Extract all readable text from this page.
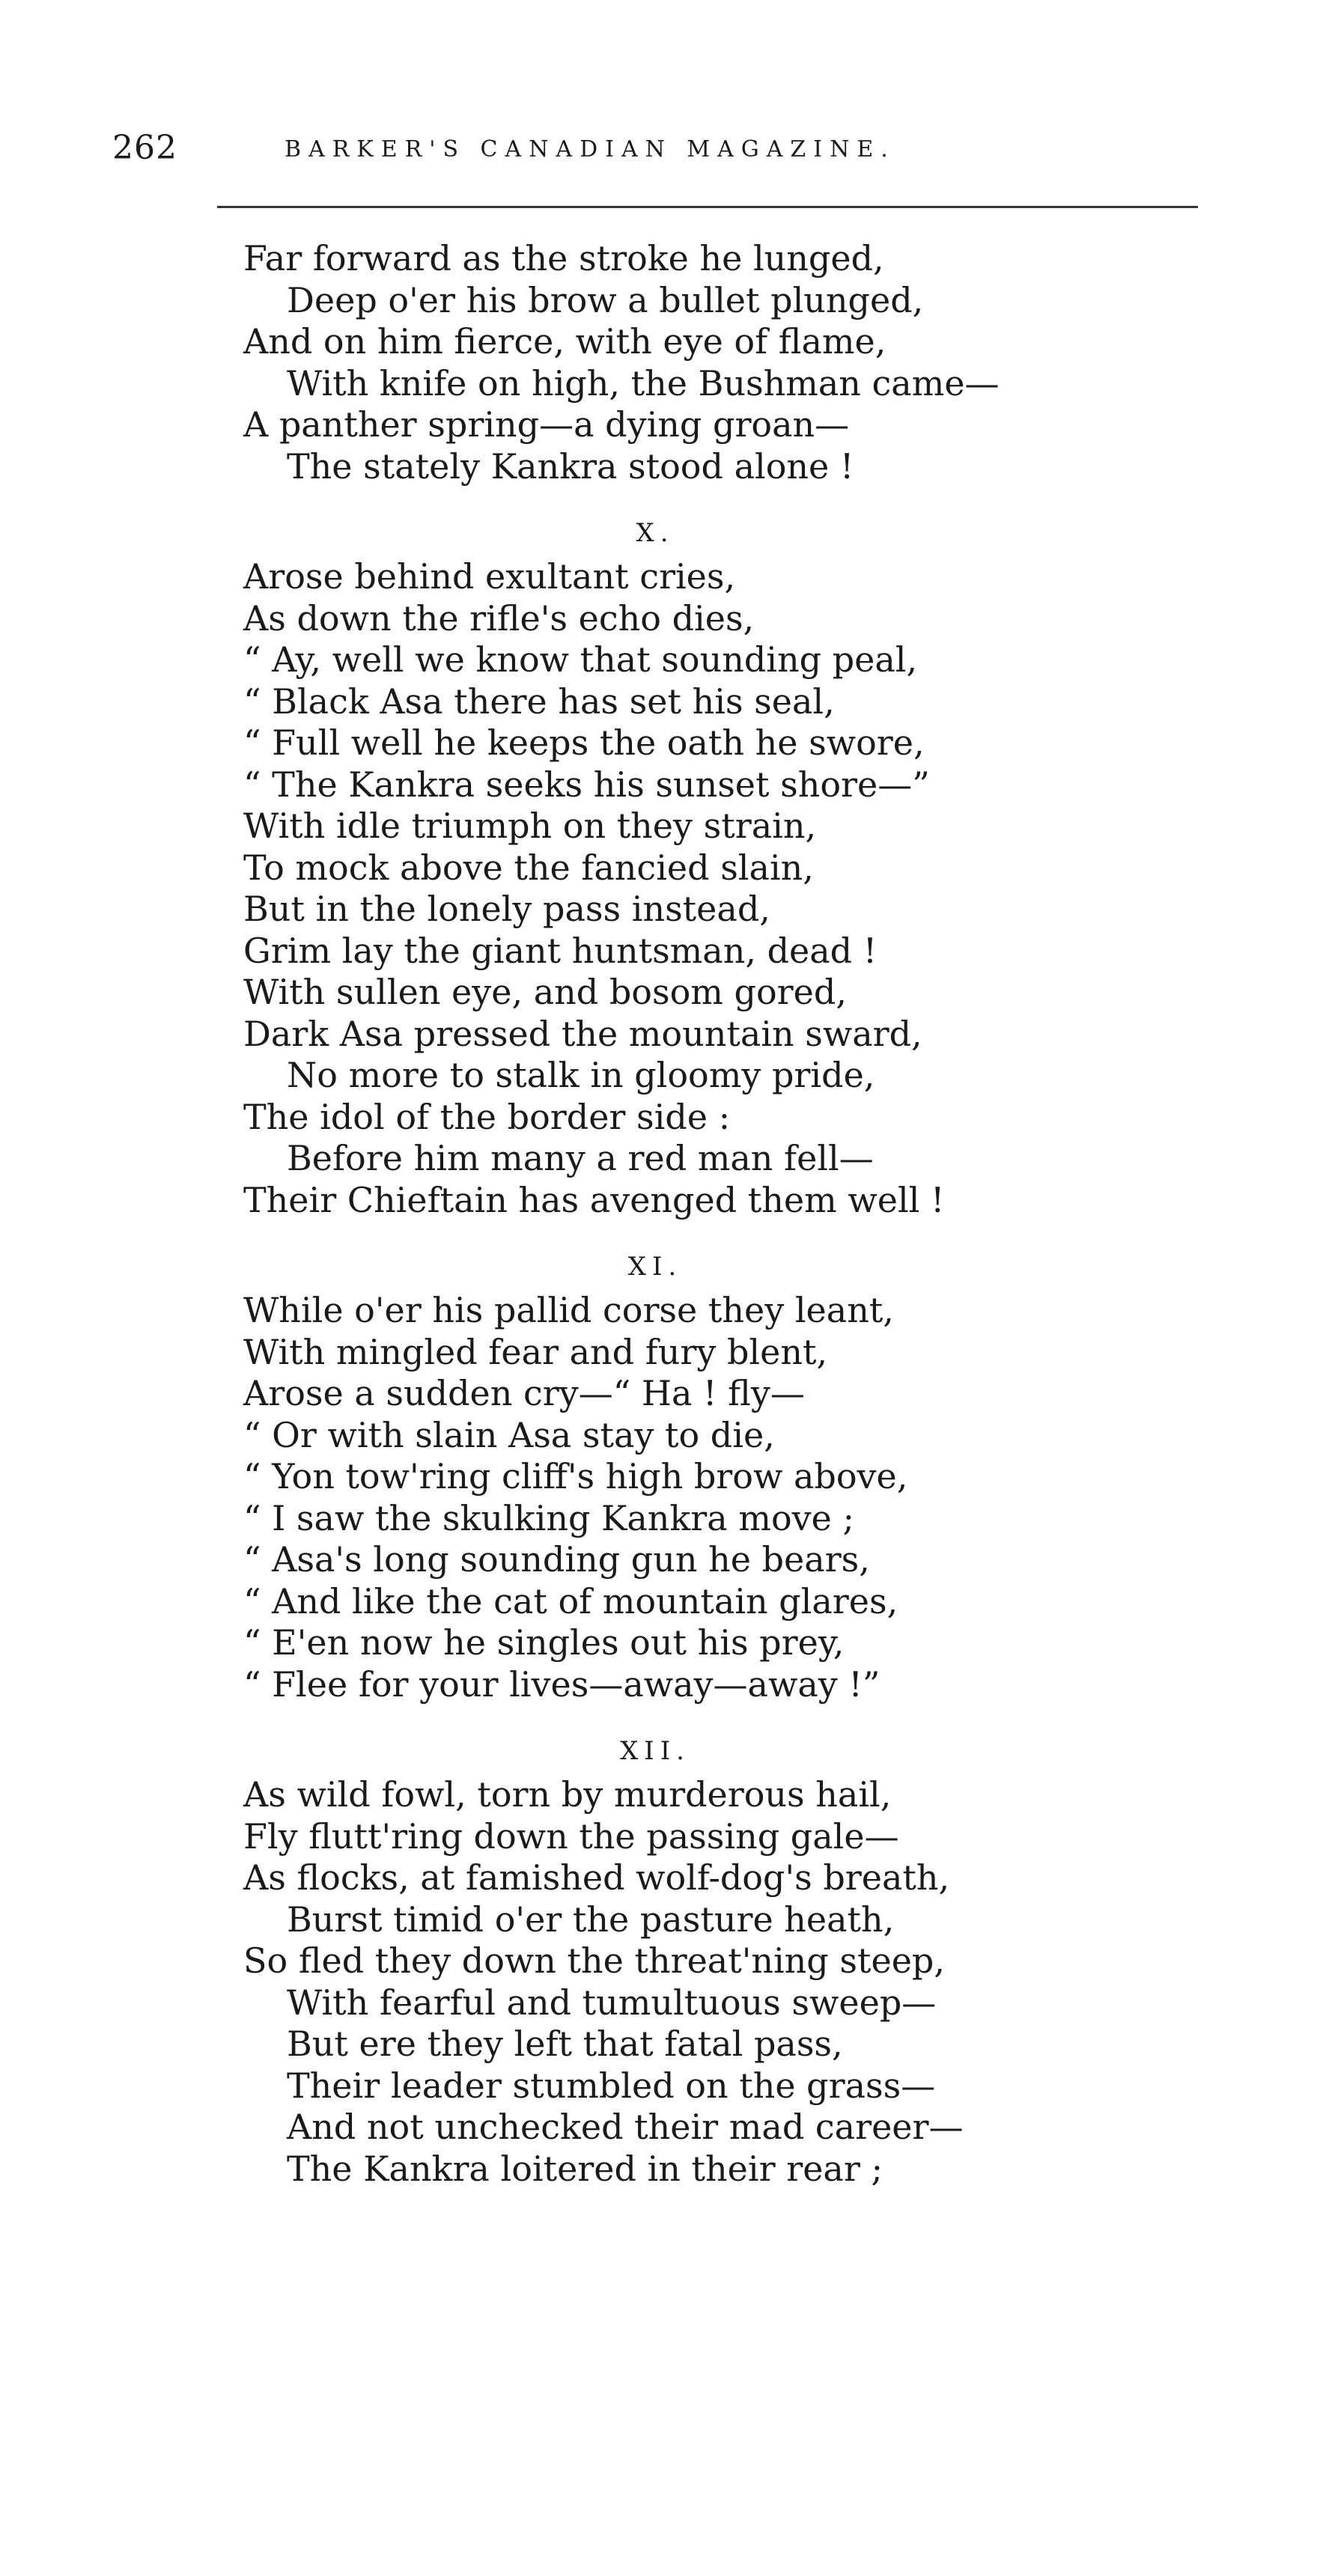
262	BARKER'S CANADIAN MAGAZINE.
Far forward as the stroke he lunged,
Deep o'er his brow a bullet plunged,
And on him fierce, with eye of flame,
With knife on high, the Bushman came—
A panther spring—a dying groan—
The stately Kankra stood alone !
X.
Arose behind exultant cries,
As down the rifle's echo dies,
“ Ay, well we know that sounding peal,
“ Black Asa there has set his seal,
“ Full well he keeps the oath he swore,
“ The Kankra seeks his sunset shore—”
With idle triumph on they strain,
To mock above the fancied slain,
But in the lonely pass instead,
Grim lay the giant huntsman, dead !
With sullen eye, and bosom gored,
Dark Asa pressed the mountain sward,
No more to stalk in gloomy pride,
The idol of the border side :
Before him many a red man fell—
Their Chieftain has avenged them well !
XI.
While o'er his pallid corse they leant,
With mingled fear and fury blent,
Arose a sudden cry—“ Ha ! fly—
“ Or with slain Asa stay to die,
“ Yon tow'ring cliff's high brow above,
“ I saw the skulking Kankra move ;
“ Asa's long sounding gun he bears,
“ And like the cat of mountain glares,
“ E'en now he singles out his prey,
“ Flee for your lives—away—away !”
XII.
As wild fowl, torn by murderous hail,
Fly flutt'ring down the passing gale—
As flocks, at famished wolf-dog's breath,
Burst timid o'er the pasture heath,
So fled they down the threat'ning steep,
With fearful and tumultuous sweep—
But ere they left that fatal pass,
Their leader stumbled on the grass—
And not unchecked their mad career—
The Kankra loitered in their rear ;
